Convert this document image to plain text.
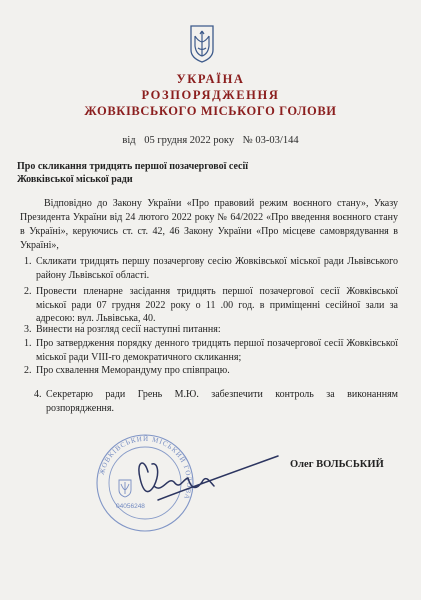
УКРАЇНА
РОЗПОРЯДЖЕННЯ
ЖОВКІВСЬКОГО МІСЬКОГО ГОЛОВИ
від 05 грудня 2022 року № 03-03/144
Про скликання тридцять першої позачергової сесії Жовківської міської ради
Відповідно до Закону України «Про правовий режим воєнного стану», Указу Президента України від 24 лютого 2022 року № 64/2022 «Про введення воєнного стану в Україні», керуючись ст. ст. 42, 46 Закону України «Про місцеве самоврядування в Україні»,
1. Скликати тридцять першу позачергову сесію Жовківської міської ради Львівського району Львівської області.
2. Провести пленарне засідання тридцять першої позачергової сесії Жовківської міської ради 07 грудня 2022 року о 11 .00 год. в приміщенні сесійної зали за адресою: вул. Львівська, 40.
3. Винести на розгляд сесії наступні питання:
1. Про затвердження порядку денного тридцять першої позачергової сесії Жовківської міської ради VIII-го демократичного скликання;
2. Про схвалення Меморандуму про співпрацю.
4. Секретарю ради Грень М.Ю. забезпечити контроль за виконанням розпорядження.
ЖОВКІВСЬКИЙ МІСЬКИЙ ГОЛОВА
04056248
Олег ВОЛЬСЬКИЙ
